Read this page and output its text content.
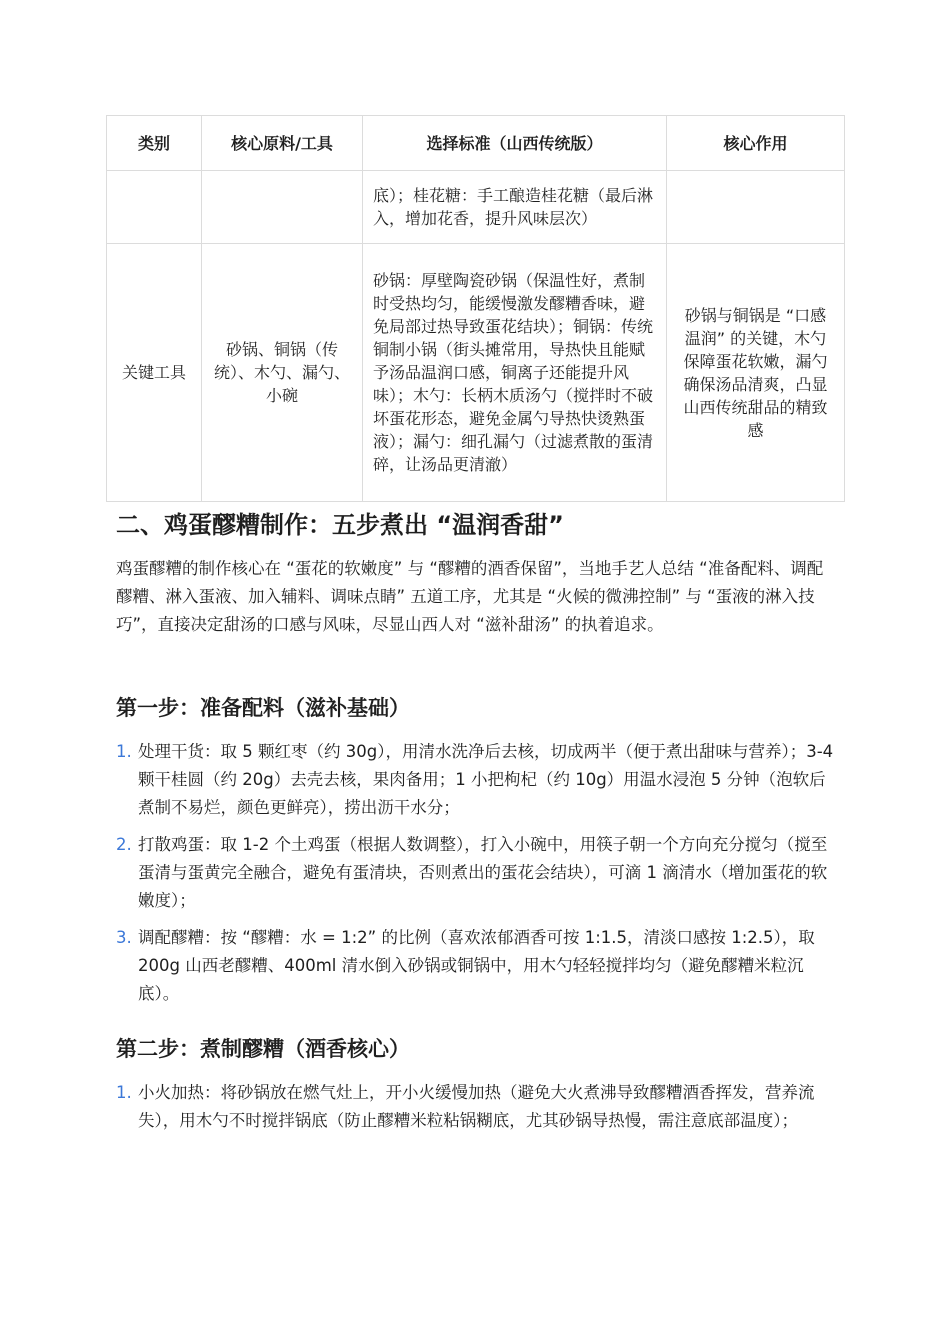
类别	核心原料/工具	选择标准（山西传统版）	核心作用
		底）；桂花糖：手工酿造桂花糖（最后淋入，增加花香，提升风味层次）	
关键工具	砂锅、铜锅（传统）、木勺、漏勺、小碗	砂锅：厚壁陶瓷砂锅（保温性好，煮制时受热均匀，能缓慢激发醪糟香味，避免局部过热导致蛋花结块）；铜锅：传统铜制小锅（街头摊常用，导热快且能赋予汤品温润口感，铜离子还能提升风味）；木勺：长柄木质汤勺（搅拌时不破坏蛋花形态，避免金属勺导热快烫熟蛋液）；漏勺：细孔漏勺（过滤煮散的蛋清碎，让汤品更清澈）	砂锅与铜锅是 “口感温润” 的关键，木勺保障蛋花软嫩，漏勺确保汤品清爽，凸显山西传统甜品的精致感
二、鸡蛋醪糟制作：五步煮出 “温润香甜”

鸡蛋醪糟的制作核心在 “蛋花的软嫩度” 与 “醪糟的酒香保留”，当地手艺人总结 “准备配料、调配醪糟、淋入蛋液、加入辅料、调味点睛” 五道工序，尤其是 “火候的微沸控制” 与 “蛋液的淋入技巧”，直接决定甜汤的口感与风味，尽显山西人对 “滋补甜汤” 的执着追求。

第一步：准备配料（滋补基础）
1. 处理干货：取 5 颗红枣（约 30g），用清水洗净后去核，切成两半（便于煮出甜味与营养）；3-4 颗干桂圆（约 20g）去壳去核，果肉备用；1 小把枸杞（约 10g）用温水浸泡 5 分钟（泡软后煮制不易烂，颜色更鲜亮），捞出沥干水分；
2. 打散鸡蛋：取 1-2 个土鸡蛋（根据人数调整），打入小碗中，用筷子朝一个方向充分搅匀（搅至蛋清与蛋黄完全融合，避免有蛋清块，否则煮出的蛋花会结块），可滴 1 滴清水（增加蛋花的软嫩度）；
3. 调配醪糟：按 “醪糟：水 = 1:2” 的比例（喜欢浓郁酒香可按 1:1.5，清淡口感按 1:2.5），取 200g 山西老醪糟、400ml 清水倒入砂锅或铜锅中，用木勺轻轻搅拌均匀（避免醪糟米粒沉底）。
第二步：煮制醪糟（酒香核心）
1. 小火加热：将砂锅放在燃气灶上，开小火缓慢加热（避免大火煮沸导致醪糟酒香挥发，营养流失），用木勺不时搅拌锅底（防止醪糟米粒粘锅糊底，尤其砂锅导热慢，需注意底部温度）；
